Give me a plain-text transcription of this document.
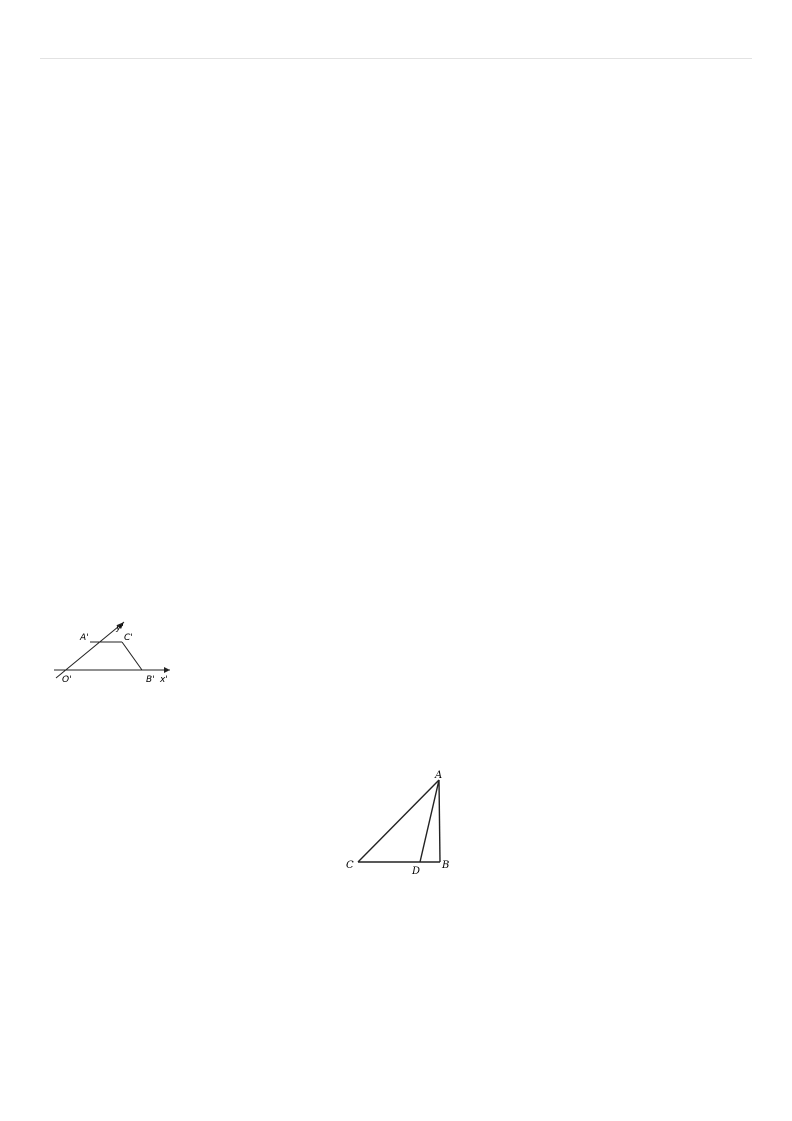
A'	C'
O'	B' x'
y'
A
C
D
B
